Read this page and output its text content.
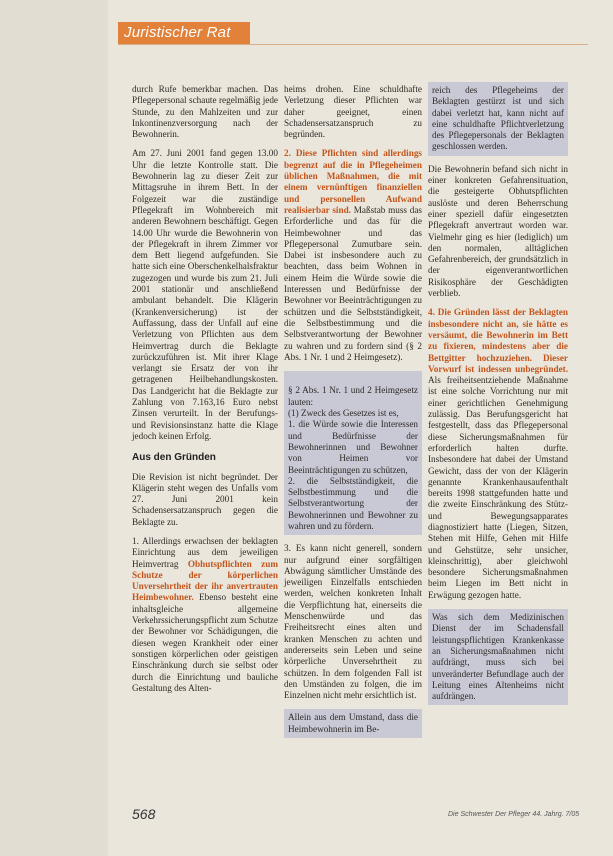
Juristischer Rat

durch Rufe bemerkbar machen. Das Pflegepersonal schaute regelmäßig jede Stunde, zu den Mahlzeiten und zur Inkontinenzversorgung nach der Bewohnerin.

Am 27. Juni 2001 fand gegen 13.00 Uhr die letzte Kontrolle statt. Die Bewohnerin lag zu dieser Zeit zur Mittagsruhe in ihrem Bett. In der Folgezeit war die zuständige Pflegekraft im Wohnbereich mit anderen Bewohnern beschäftigt. Gegen 14.00 Uhr wurde die Bewohnerin von der Pflegekraft in ihrem Zimmer vor dem Bett liegend aufgefunden. Sie hatte sich eine Oberschenkelhalsfraktur zugezogen und wurde bis zum 21. Juli 2001 stationär und anschließend ambulant behandelt. Die Klägerin (Krankenversicherung) ist der Auffassung, dass der Unfall auf eine Verletzung von Pflichten aus dem Heimvertrag durch die Beklagte zurückzuführen ist. Mit ihrer Klage verlangt sie Ersatz der von ihr getragenen Heilbehandlungskosten. Das Landgericht hat die Beklagte zur Zahlung von 7.163,16 Euro nebst Zinsen verurteilt. In der Berufungs- und Revisionsinstanz hatte die Klage jedoch keinen Erfolg.

Aus den Gründen

Die Revision ist nicht begründet. Der Klägerin steht wegen des Unfalls vom 27. Juni 2001 kein Schadensersatzanspruch gegen die Beklagte zu.

1. Allerdings erwachsen der beklagten Einrichtung aus dem jeweiligen Heimvertrag Obhutspflichten zum Schutze der körperlichen Unversehrtheit der ihr anvertrauten Heimbewohner. Ebenso besteht eine inhaltsgleiche allgemeine Verkehrssicherungspflicht zum Schutze der Bewohner vor Schädigungen, die diesen wegen Krankheit oder einer sonstigen körperlichen oder geistigen Einschränkung durch sie selbst oder durch die Einrichtung und bauliche Gestaltung des Alten-

heims drohen. Eine schuldhafte Verletzung dieser Pflichten war daher geeignet, einen Schadensersatzanspruch zu begründen.

2. Diese Pflichten sind allerdings begrenzt auf die in Pflegeheimen üblichen Maßnahmen, die mit einem vernünftigen finanziellen und personellen Aufwand realisierbar sind. Maßstab muss das Erforderliche und das für die Heimbewohner und das Pflegepersonal Zumutbare sein. Dabei ist insbesondere auch zu beachten, dass beim Wohnen in einem Heim die Würde sowie die Interessen und Bedürfnisse der Bewohner vor Beeinträchtigungen zu schützen und die Selbstständigkeit, die Selbstbestimmung und die Selbstverantwortung der Bewohner zu wahren und zu fordern sind (§ 2 Abs. 1 Nr. 1 und 2 Heimgesetz).

§ 2 Abs. 1 Nr. 1 und 2 Heimgesetz lauten:
(1) Zweck des Gesetzes ist es,
1. die Würde sowie die Interessen und Bedürfnisse der Bewohnerinnen und Bewohner von Heimen vor Beeinträchtigungen zu schützen,
2. die Selbstständigkeit, die Selbstbestimmung und die Selbstverantwortung der Bewohnerinnen und Bewohner zu wahren und zu fördern.

3. Es kann nicht generell, sondern nur aufgrund einer sorgfältigen Abwägung sämtlicher Umstände des jeweiligen Einzelfalls entschieden werden, welchen konkreten Inhalt die Verpflichtung hat, einerseits die Menschenwürde und das Freiheitsrecht eines alten und kranken Menschen zu achten und andererseits sein Leben und seine körperliche Unversehrtheit zu schützen. In dem folgenden Fall ist den Umständen zu folgen, die im Einzelnen nicht mehr ersichtlich ist.

Allein aus dem Umstand, dass die Heimbewohnerin im Be-
reich des Pflegeheims der Beklagten gestürzt ist und sich dabei verletzt hat, kann nicht auf eine schuldhafte Pflichtverletzung des Pflegepersonals der Beklagten geschlossen werden.

Die Bewohnerin befand sich nicht in einer konkreten Gefahrensituation, die gesteigerte Obhutspflichten auslöste und deren Beherrschung einer speziell dafür eingesetzten Pflegekraft anvertraut worden war. Vielmehr ging es hier (lediglich) um den normalen, alltäglichen Gefahrenbereich, der grundsätzlich in der eigenverantwortlichen Risikosphäre der Geschädigten verblieb.

4. Die Gründen lässt der Beklagten insbesondere nicht an, sie hätte es versäumt, die Bewohnerin im Bett zu fixieren, mindestens aber die Bettgitter hochzuziehen. Dieser Vorwurf ist indessen unbegründet. Als freiheitsentziehende Maßnahme ist eine solche Vorrichtung nur mit einer gerichtlichen Genehmigung zulässig. Das Berufungsgericht hat festgestellt, dass das Pflegepersonal diese Sicherungsmaßnahmen für erforderlich halten durfte. Insbesondere hat dabei der Umstand Gewicht, dass der von der Klägerin genannte Krankenhausaufenthalt bereits 1998 stattgefunden hatte und die zweite Einschränkung des Stütz- und Bewegungsapparates diagnostiziert hatte (Liegen, Sitzen, Stehen mit Hilfe, Gehen mit Hilfe und Gehstütze, sehr unsicher, kleinschrittig), aber gleichwohl besondere Sicherungsmaßnahmen beim Liegen im Bett nicht in Erwägung gezogen hatte.

Was sich dem Medizinischen Dienst der im Schadensfall leistungspflichtigen Krankenkasse an Sicherungsmaßnahmen nicht aufdrängt, muss sich bei unveränderter Befundlage auch der Leitung eines Altenheims nicht aufdrängen.
568	Die Schwester Der Pfleger 44. Jahrg. 7/05
